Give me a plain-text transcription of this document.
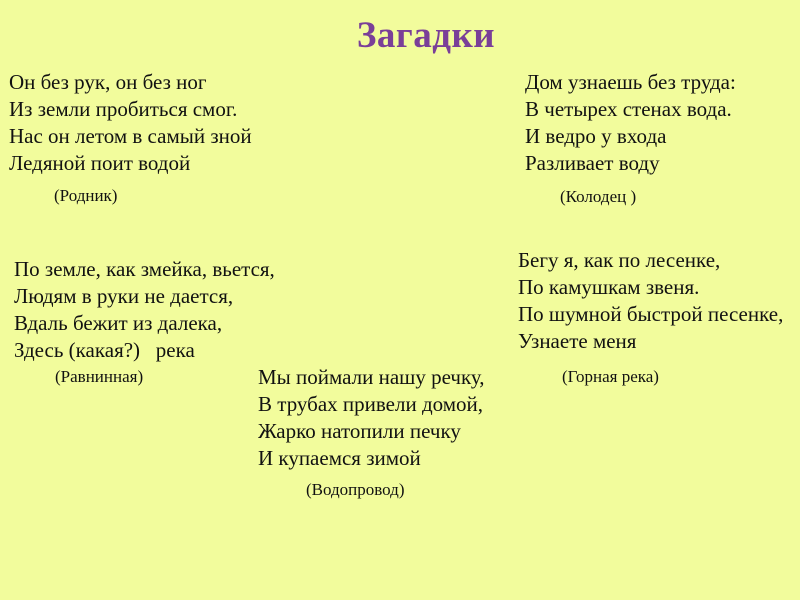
Загадки
Он без рук, он без ног
Из земли пробиться смог.
Нас он летом в самый зной
Ледяной поит водой
(Родник)
Дом узнаешь без труда:
В четырех стенах вода.
И ведро у входа
Разливает воду
(Колодец )
По земле, как змейка, вьется,
Людям в руки не дается,
Вдаль бежит из далека,
Здесь (какая?)   река
(Равнинная)
Бегу я, как по лесенке,
По камушкам звеня.
По шумной быстрой песенке,
Узнаете меня
(Горная река)
Мы поймали нашу речку,
В трубах привели домой,
Жарко натопили печку
И купаемся зимой
(Водопровод)
